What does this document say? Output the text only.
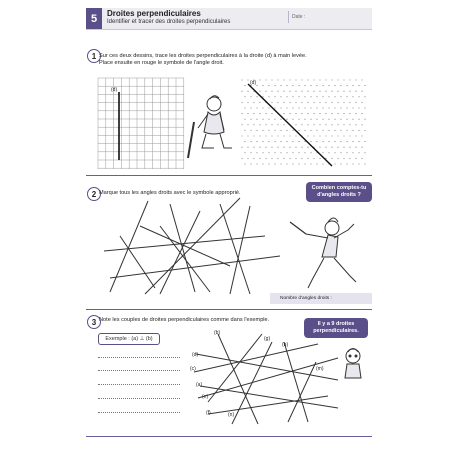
5	Droites perpendiculaires
Identifier et tracer des droites perpendiculaires
Date :
1 Sur ces deux dessins, trace les droites perpendiculaires à la droite (d) à main levée.
Place ensuite en rouge le symbole de l'angle droit.
(d)
(d)
2 Marque tous les angles droits avec le symbole approprié.
Combien comptes-tu
d'angles droits ?
Nombre d'angles droits :
3 Note les couples de droites perpendiculaires comme dans l'exemple.
Exemple : (a) ⊥ (b)
(b)
(g)
(h)
(d)
(c)	(m)
(a)
(e)
(f)	(n)
Il y a 9 droites
perpendiculaires.
